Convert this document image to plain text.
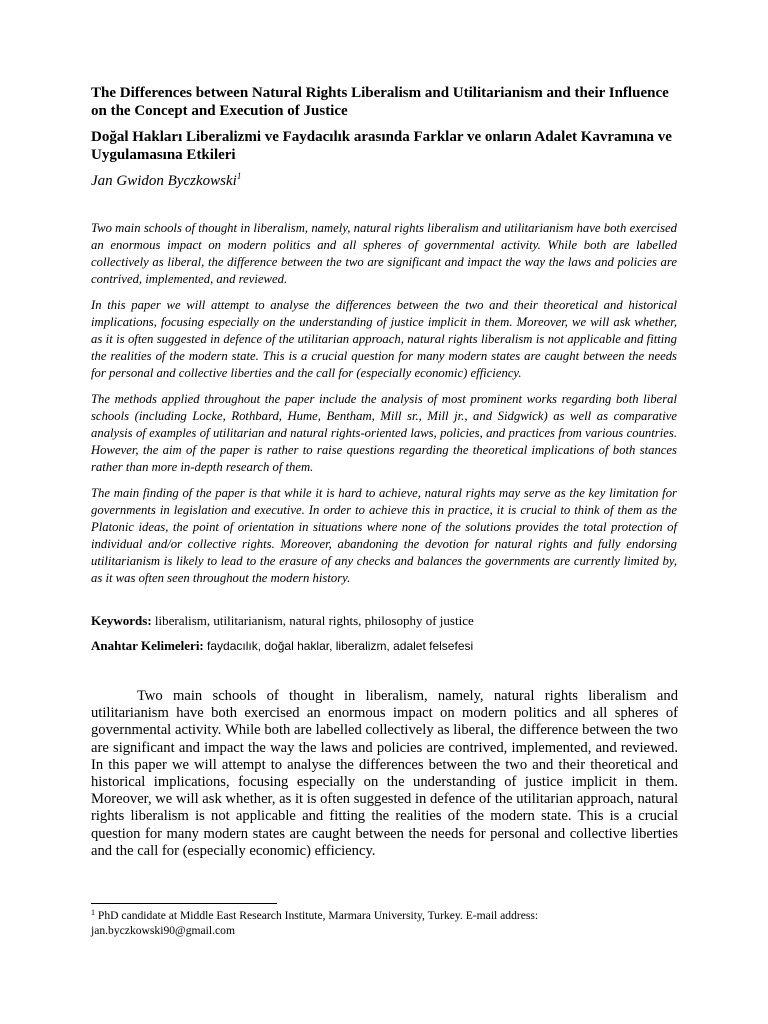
The Differences between Natural Rights Liberalism and Utilitarianism and their Influence on the Concept and Execution of Justice
Doğal Hakları Liberalizmi ve Faydacılık arasında Farklar ve onların Adalet Kavramına ve Uygulamasına Etkileri

Jan Gwidon Byczkowski$^1$

Two main schools of thought in liberalism, namely, natural rights liberalism and utilitarianism have both exercised an enormous impact on modern politics and all spheres of governmental activity. While both are labelled collectively as liberal, the difference between the two are significant and impact the way the laws and policies are contrived, implemented, and reviewed.

In this paper we will attempt to analyse the differences between the two and their theoretical and historical implications, focusing especially on the understanding of justice implicit in them. Moreover, we will ask whether, as it is often suggested in defence of the utilitarian approach, natural rights liberalism is not applicable and fitting the realities of the modern state. This is a crucial question for many modern states are caught between the needs for personal and collective liberties and the call for (especially economic) efficiency.

The methods applied throughout the paper include the analysis of most prominent works regarding both liberal schools (including Locke, Rothbard, Hume, Bentham, Mill sr., Mill jr., and Sidgwick) as well as comparative analysis of examples of utilitarian and natural rights-oriented laws, policies, and practices from various countries. However, the aim of the paper is rather to raise questions regarding the theoretical implications of both stances rather than more in-depth research of them.

The main finding of the paper is that while it is hard to achieve, natural rights may serve as the key limitation for governments in legislation and executive. In order to achieve this in practice, it is crucial to think of them as the Platonic ideas, the point of orientation in situations where none of the solutions provides the total protection of individual and/or collective rights. Moreover, abandoning the devotion for natural rights and fully endorsing utilitarianism is likely to lead to the erasure of any checks and balances the governments are currently limited by, as it was often seen throughout the modern history.

Keywords: liberalism, utilitarianism, natural rights, philosophy of justice

Anahtar Kelimeleri: faydacılık, doğal haklar, liberalizm, adalet felsefesi

Two main schools of thought in liberalism, namely, natural rights liberalism and utilitarianism have both exercised an enormous impact on modern politics and all spheres of governmental activity. While both are labelled collectively as liberal, the difference between the two are significant and impact the way the laws and policies are contrived, implemented, and reviewed. In this paper we will attempt to analyse the differences between the two and their theoretical and historical implications, focusing especially on the understanding of justice implicit in them. Moreover, we will ask whether, as it is often suggested in defence of the utilitarian approach, natural rights liberalism is not applicable and fitting the realities of the modern state. This is a crucial question for many modern states are caught between the needs for personal and collective liberties and the call for (especially economic) efficiency.

$^1$ PhD candidate at Middle East Research Institute, Marmara University, Turkey. E-mail address: jan.byczkowski90@gmail.com
